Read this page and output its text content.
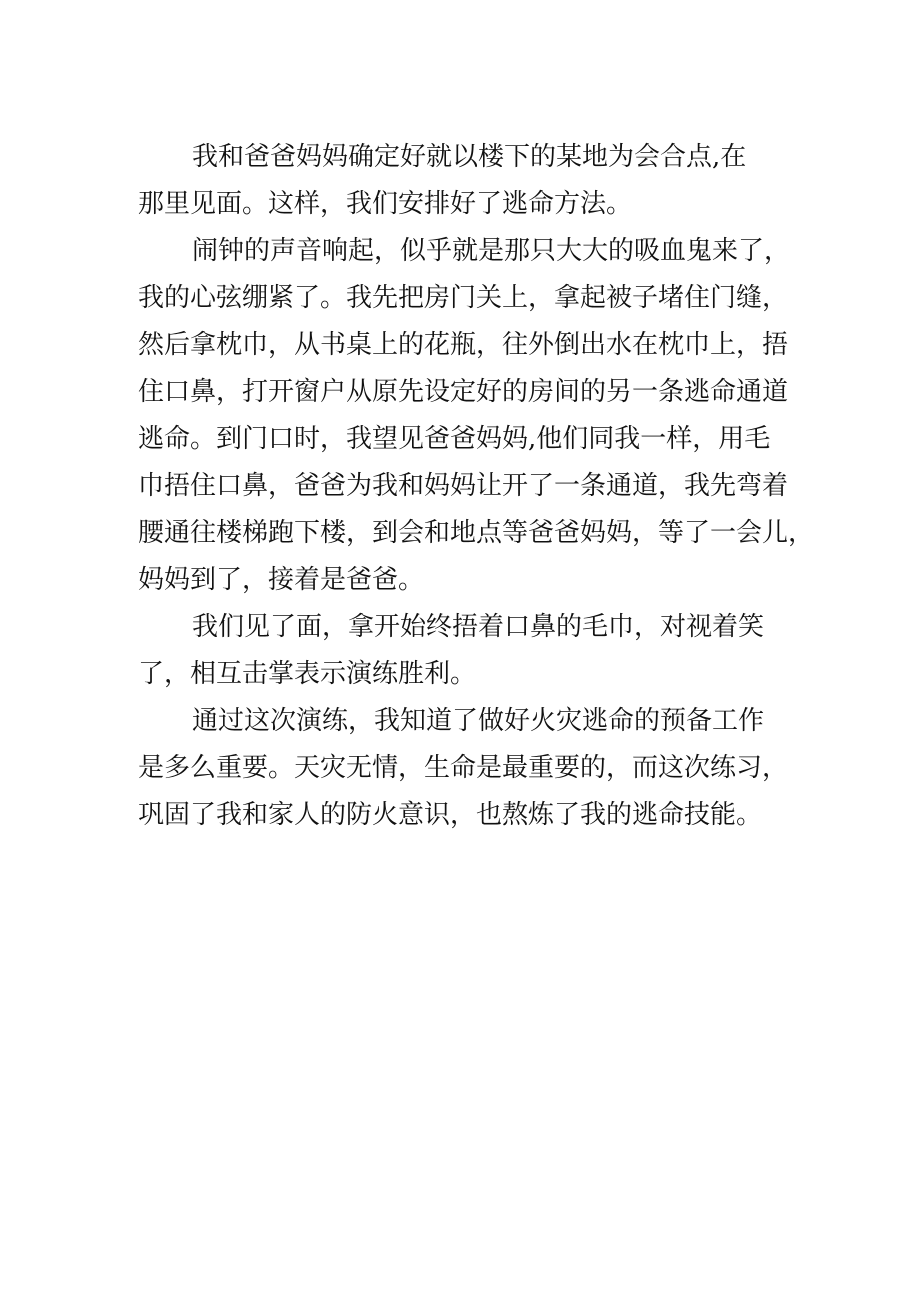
我和爸爸妈妈确定好就以楼下的某地为会合点,在
那里见面。这样，我们安排好了逃命方法。
闹钟的声音响起，似乎就是那只大大的吸血鬼来了，
我的心弦绷紧了。我先把房门关上，拿起被子堵住门缝，
然后拿枕巾，从书桌上的花瓶，往外倒出水在枕巾上，捂
住口鼻，打开窗户从原先设定好的房间的另一条逃命通道
逃命。到门口时，我望见爸爸妈妈,他们同我一样，用毛
巾捂住口鼻，爸爸为我和妈妈让开了一条通道，我先弯着
腰通往楼梯跑下楼，到会和地点等爸爸妈妈，等了一会儿，
妈妈到了，接着是爸爸。
我们见了面，拿开始终捂着口鼻的毛巾，对视着笑
了，相互击掌表示演练胜利。
通过这次演练，我知道了做好火灾逃命的预备工作
是多么重要。天灾无情，生命是最重要的，而这次练习，
巩固了我和家人的防火意识，也熬炼了我的逃命技能。
